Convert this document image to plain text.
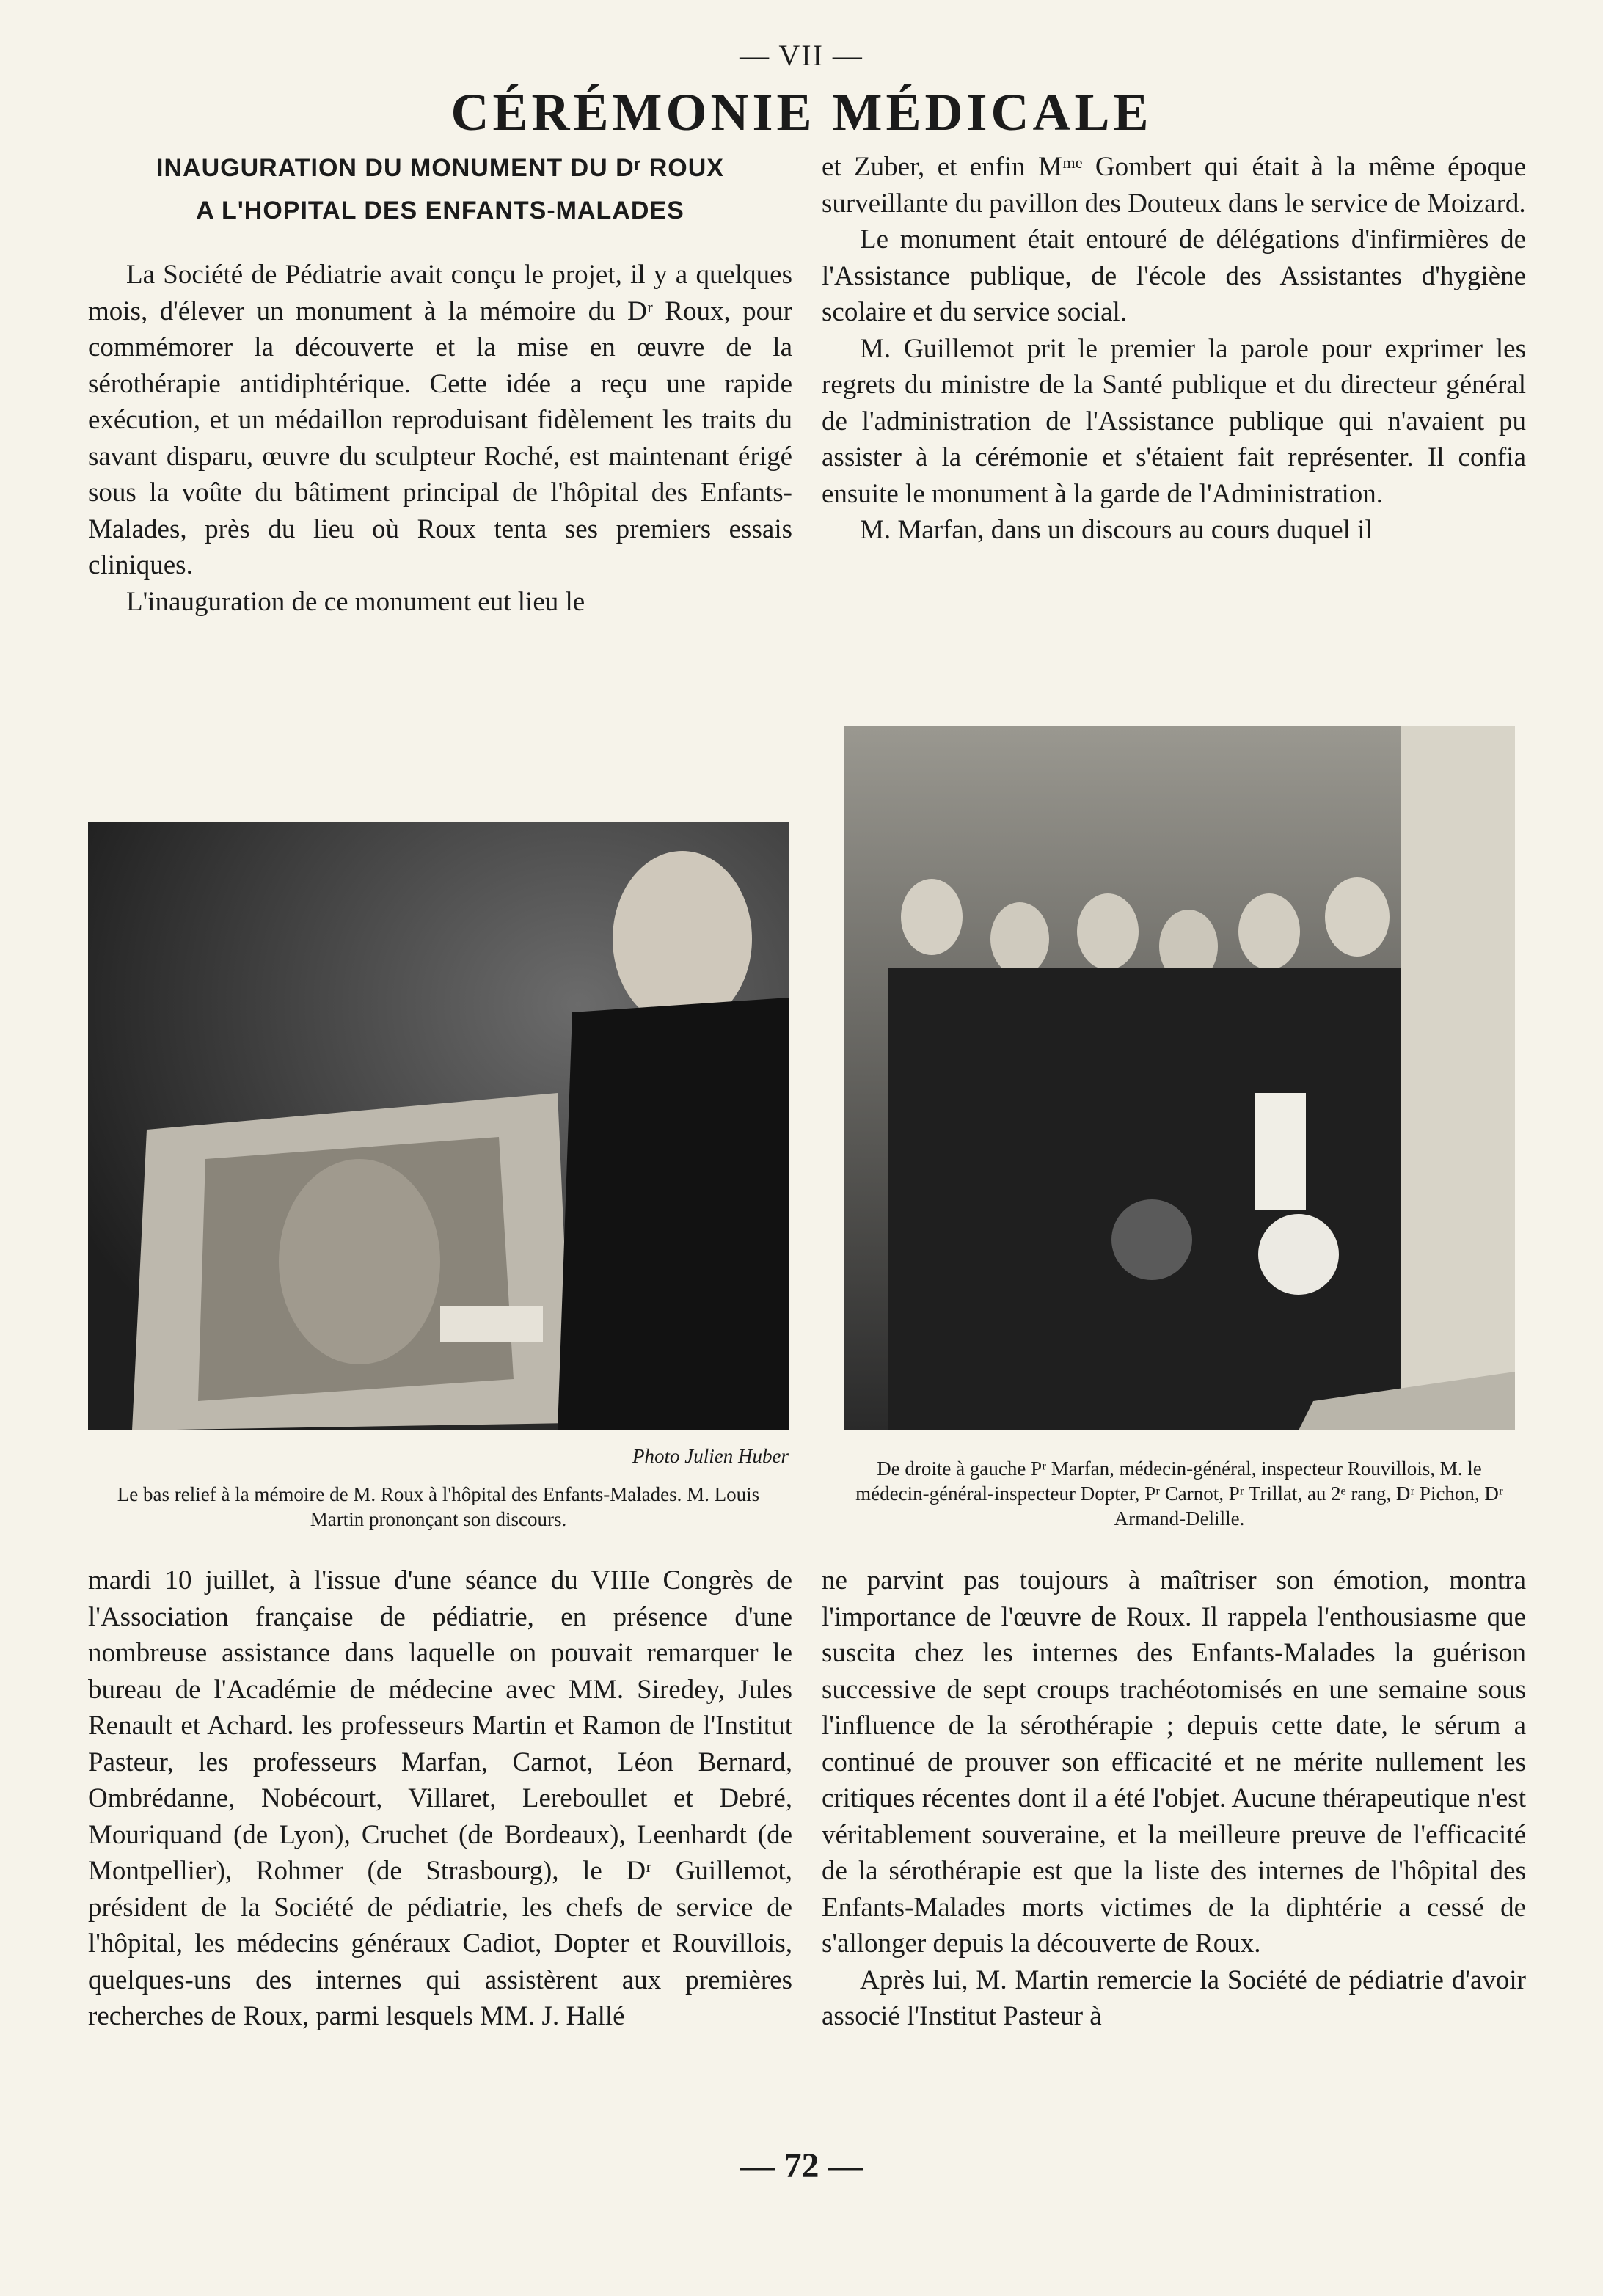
— VII —
CÉRÉMONIE MÉDICALE
INAUGURATION DU MONUMENT DU Dʳ ROUX
A L'HOPITAL DES ENFANTS-MALADES

La Société de Pédiatrie avait conçu le projet, il y a quelques mois, d'élever un monument à la mémoire du Dʳ Roux, pour commémorer la découverte et la mise en œuvre de la sérothérapie antidiphtérique. Cette idée a reçu une rapide exécution, et un médaillon reproduisant fidèlement les traits du savant disparu, œuvre du sculpteur Roché, est maintenant érigé sous la voûte du bâtiment principal de l'hôpital des Enfants-Malades, près du lieu où Roux tenta ses premiers essais cliniques.

L'inauguration de ce monument eut lieu le

et Zuber, et enfin Mᵐᵉ Gombert qui était à la même époque surveillante du pavillon des Douteux dans le service de Moizard.

Le monument était entouré de délégations d'infirmières de l'Assistance publique, de l'école des Assistantes d'hygiène scolaire et du service social.

M. Guillemot prit le premier la parole pour exprimer les regrets du ministre de la Santé publique et du directeur général de l'administration de l'Assistance publique qui n'avaient pu assister à la cérémonie et s'étaient fait représenter. Il confia ensuite le monument à la garde de l'Administration.

M. Marfan, dans un discours au cours duquel il

Photo Julien Huber
Le bas relief à la mémoire de M. Roux à l'hôpital des Enfants-Malades. M. Louis Martin prononçant son discours.
De droite à gauche Pʳ Marfan, médecin-général, inspecteur Rouvillois, M. le médecin-général-inspecteur Dopter, Pʳ Carnot, Pʳ Trillat, au 2ᵉ rang, Dʳ Pichon, Dʳ Armand-Delille.

mardi 10 juillet, à l'issue d'une séance du VIIIe Congrès de l'Association française de pédiatrie, en présence d'une nombreuse assistance dans laquelle on pouvait remarquer le bureau de l'Académie de médecine avec MM. Siredey, Jules Renault et Achard. les professeurs Martin et Ramon de l'Institut Pasteur, les professeurs Marfan, Carnot, Léon Bernard, Ombrédanne, Nobécourt, Villaret, Lereboullet et Debré, Mouriquand (de Lyon), Cruchet (de Bordeaux), Leenhardt (de Montpellier), Rohmer (de Strasbourg), le Dʳ Guillemot, président de la Société de pédiatrie, les chefs de service de l'hôpital, les médecins généraux Cadiot, Dopter et Rouvillois, quelques-uns des internes qui assistèrent aux premières recherches de Roux, parmi lesquels MM. J. Hallé

ne parvint pas toujours à maîtriser son émotion, montra l'importance de l'œuvre de Roux. Il rappela l'enthousiasme que suscita chez les internes des Enfants-Malades la guérison successive de sept croups trachéotomisés en une semaine sous l'influence de la sérothérapie ; depuis cette date, le sérum a continué de prouver son efficacité et ne mérite nullement les critiques récentes dont il a été l'objet. Aucune thérapeutique n'est véritablement souveraine, et la meilleure preuve de l'efficacité de la sérothérapie est que la liste des internes de l'hôpital des Enfants-Malades morts victimes de la diphtérie a cessé de s'allonger depuis la découverte de Roux.

Après lui, M. Martin remercie la Société de pédiatrie d'avoir associé l'Institut Pasteur à

— 72 —
